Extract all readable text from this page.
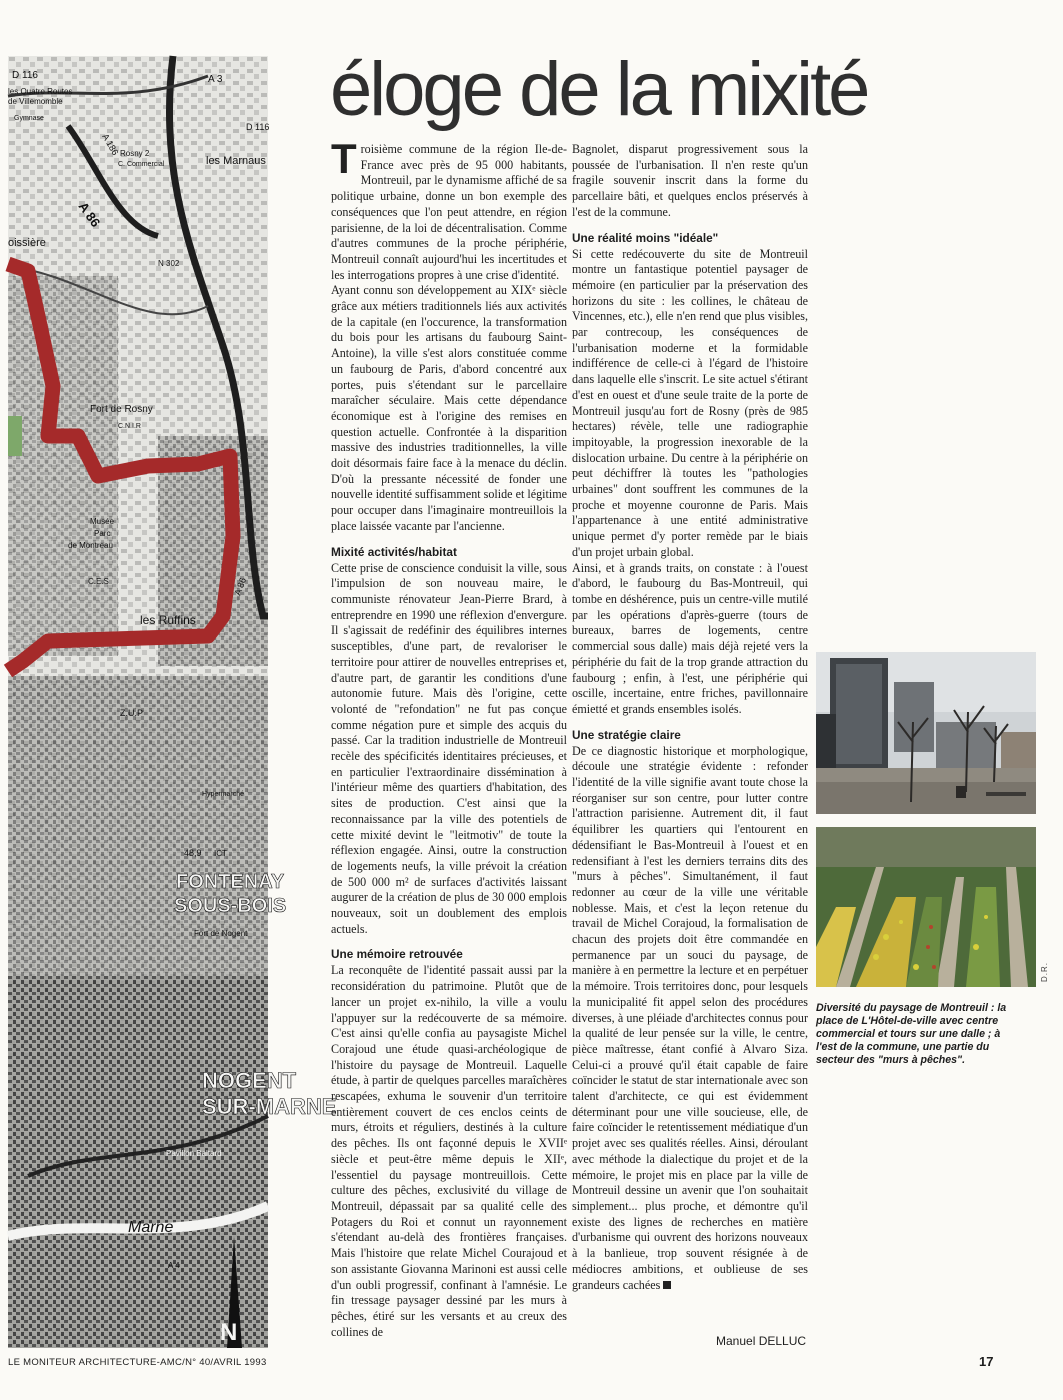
D 116	A 3
les Quatre Routes
de Villemomble
Gymnase
D 116
A 186 Rosny 2
C. Commercial
A 86
les Marnaus
oissière
N 302
Fort de Rosny
C.N.I.R
Musée
Parc
de Montreau
C.E.S	A 86
les Ruffins
Z.U.P
Hypermarché
48,9 ICT
FONTENAY
SOUS-BOIS
Fort de Nogent
Pavillon Baltard
NOGENT
SUR-MARNE
Marne
A 4
N
éloge de la mixité

Troisième commune de la région Ile-de-France avec près de 95 000 habitants, Montreuil, par le dynamisme affiché de sa politique urbaine, donne un bon exemple des conséquences que l'on peut attendre, en région parisienne, de la loi de décentralisation. Comme d'autres communes de la proche périphérie, Montreuil connaît aujourd'hui les incertitudes et les interrogations propres à une crise d'identité.

Ayant connu son développement au XIXᵉ siècle grâce aux métiers traditionnels liés aux activités de la capitale (en l'occurence, la transformation du bois pour les artisans du faubourg Saint-Antoine), la ville s'est alors constituée comme un faubourg de Paris, d'abord concentré aux portes, puis s'étendant sur le parcellaire maraîcher séculaire. Mais cette dépendance économique est à l'origine des remises en question actuelle. Confrontée à la disparition massive des industries traditionnelles, la ville doit désormais faire face à la menace du déclin. D'où la pressante nécessité de fonder une nouvelle identité suffisamment solide et légitime pour occuper dans l'imaginaire montreuillois la place laissée vacante par l'ancienne.

Mixité activités/habitat

Cette prise de conscience conduisit la ville, sous l'impulsion de son nouveau maire, le communiste rénovateur Jean-Pierre Brard, à entreprendre en 1990 une réflexion d'envergure. Il s'agissait de redéfinir des équilibres internes susceptibles, d'une part, de revaloriser le territoire pour attirer de nouvelles entreprises et, d'autre part, de garantir les conditions d'une autonomie future. Mais dès l'origine, cette volonté de "refondation" ne fut pas conçue comme négation pure et simple des acquis du passé. Car la tradition industrielle de Montreuil recèle des spécificités identitaires précieuses, et en particulier l'extraordinaire dissémination à l'intérieur même des quartiers d'habitation, des sites de production. C'est ainsi que la reconnaissance par la ville des potentiels de cette mixité devint le "leitmotiv" de toute la réflexion engagée. Ainsi, outre la construction de logements neufs, la ville prévoit la création de 500 000 m² de surfaces d'activités laissant augurer de la création de plus de 30 000 emplois nouveaux, soit un doublement des emplois actuels.

Une mémoire retrouvée

La reconquête de l'identité passait aussi par la reconsidération du patrimoine. Plutôt que de lancer un projet ex-nihilo, la ville a voulu l'appuyer sur la redécouverte de sa mémoire. C'est ainsi qu'elle confia au paysagiste Michel Corajoud une étude quasi-archéologique de l'histoire du paysage de Montreuil. Laquelle étude, à partir de quelques parcelles maraîchères rescapées, exhuma le souvenir d'un territoire entièrement couvert de ces enclos ceints de murs, étroits et réguliers, destinés à la culture des pêches. Ils ont façonné depuis le XVIIᵉ siècle et peut-être même depuis le XIIᵉ, l'essentiel du paysage montreuillois. Cette culture des pêches, exclusivité du village de Montreuil, dépassait par sa qualité celle des Potagers du Roi et connut un rayonnement s'étendant au-delà des frontières françaises. Mais l'histoire que relate Michel Courajoud et son assistante Giovanna Marinoni est aussi celle d'un oubli progressif, confinant à l'amnésie. Le fin tressage paysager dessiné par les murs à pêches, étiré sur les versants et au creux des collines de

Bagnolet, disparut progressivement sous la poussée de l'urbanisation. Il n'en reste qu'un fragile souvenir inscrit dans la forme du parcellaire bâti, et quelques enclos préservés à l'est de la commune.

Une réalité moins "idéale"

Si cette redécouverte du site de Montreuil montre un fantastique potentiel paysager de mémoire (en particulier par la préservation des horizons du site : les collines, le château de Vincennes, etc.), elle n'en rend que plus visibles, par contrecoup, les conséquences de l'urbanisation moderne et la formidable indifférence de celle-ci à l'égard de l'histoire dans laquelle elle s'inscrit. Le site actuel s'étirant d'est en ouest et d'une seule traite de la porte de Montreuil jusqu'au fort de Rosny (près de 985 hectares) révèle, telle une radiographie impitoyable, la progression inexorable de la dislocation urbaine. Du centre à la périphérie on peut déchiffrer là toutes les "pathologies urbaines" dont souffrent les communes de la proche et moyenne couronne de Paris. Mais l'appartenance à une entité administrative unique permet d'y porter remède par le biais d'un projet urbain global.

Ainsi, et à grands traits, on constate : à l'ouest d'abord, le faubourg du Bas-Montreuil, qui tombe en déshérence, puis un centre-ville mutilé par les opérations d'après-guerre (tours de bureaux, barres de logements, centre commercial sous dalle) mais déjà rejeté vers la périphérie du fait de la trop grande attraction du faubourg ; enfin, à l'est, une périphérie qui oscille, incertaine, entre friches, pavillonnaire émietté et grands ensembles isolés.

Une stratégie claire

De ce diagnostic historique et morphologique, découle une stratégie évidente : refonder l'identité de la ville signifie avant toute chose la réorganiser sur son centre, pour lutter contre l'attraction parisienne. Autrement dit, il faut équilibrer les quartiers qui l'entourent en dédensifiant le Bas-Montreuil à l'ouest et en redensifiant à l'est les derniers terrains dits des "murs à pêches". Simultanément, il faut redonner au cœur de la ville une véritable noblesse. Mais, et c'est la leçon retenue du travail de Michel Corajoud, la formalisation de chacun des projets doit être commandée en permanence par un souci du paysage, de manière à en permettre la lecture et en perpétuer la mémoire. Trois territoires donc, pour lesquels la municipalité fit appel selon des procédures diverses, à une pléiade d'architectes connus pour la qualité de leur pensée sur la ville, le centre, pièce maîtresse, étant confié à Alvaro Siza. Celui-ci a prouvé qu'il était capable de faire coïncider le statut de star internationale avec son talent d'architecte, ce qui est évidemment déterminant pour une ville soucieuse, elle, de faire coïncider le retentissement médiatique d'un projet avec ses qualités réelles. Ainsi, déroulant avec méthode la dialectique du projet et de la mémoire, le projet mis en place par la ville de Montreuil dessine un avenir que l'on souhaitait simplement... plus proche, et démontre qu'il existe des lignes de recherches en matière d'urbanisme qui ouvrent des horizons nouveaux à la banlieue, trop souvent résignée à de médiocres ambitions, et oublieuse de ses grandeurs cachées

D.R.
Diversité du paysage de Montreuil : la place de L'Hôtel-de-ville avec centre commercial et tours sur une dalle ; à l'est de la commune, une partie du secteur des "murs à pêches".
Manuel DELLUC
LE MONITEUR ARCHITECTURE-AMC/N° 40/AVRIL 1993	17
